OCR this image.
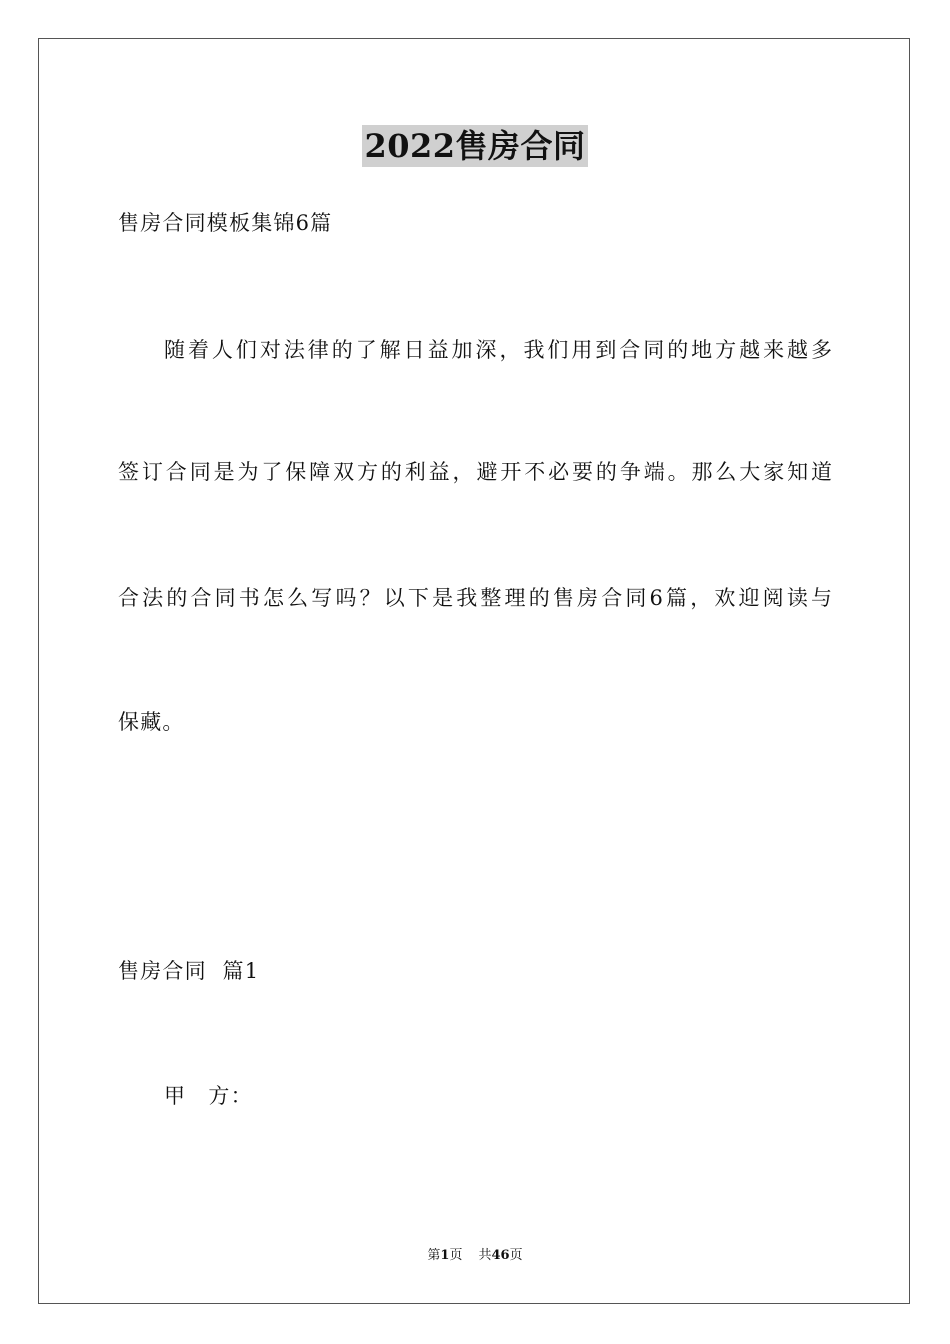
2022售房合同
售房合同模板集锦6篇
随着人们对法律的了解日益加深，我们用到合同的地方越来越多
签订合同是为了保障双方的利益，避开不必要的争端。那么大家知道
合法的合同书怎么写吗？以下是我整理的售房合同6篇，欢迎阅读与
保藏。
售房合同  篇1
甲　方：
第1页 共46页
